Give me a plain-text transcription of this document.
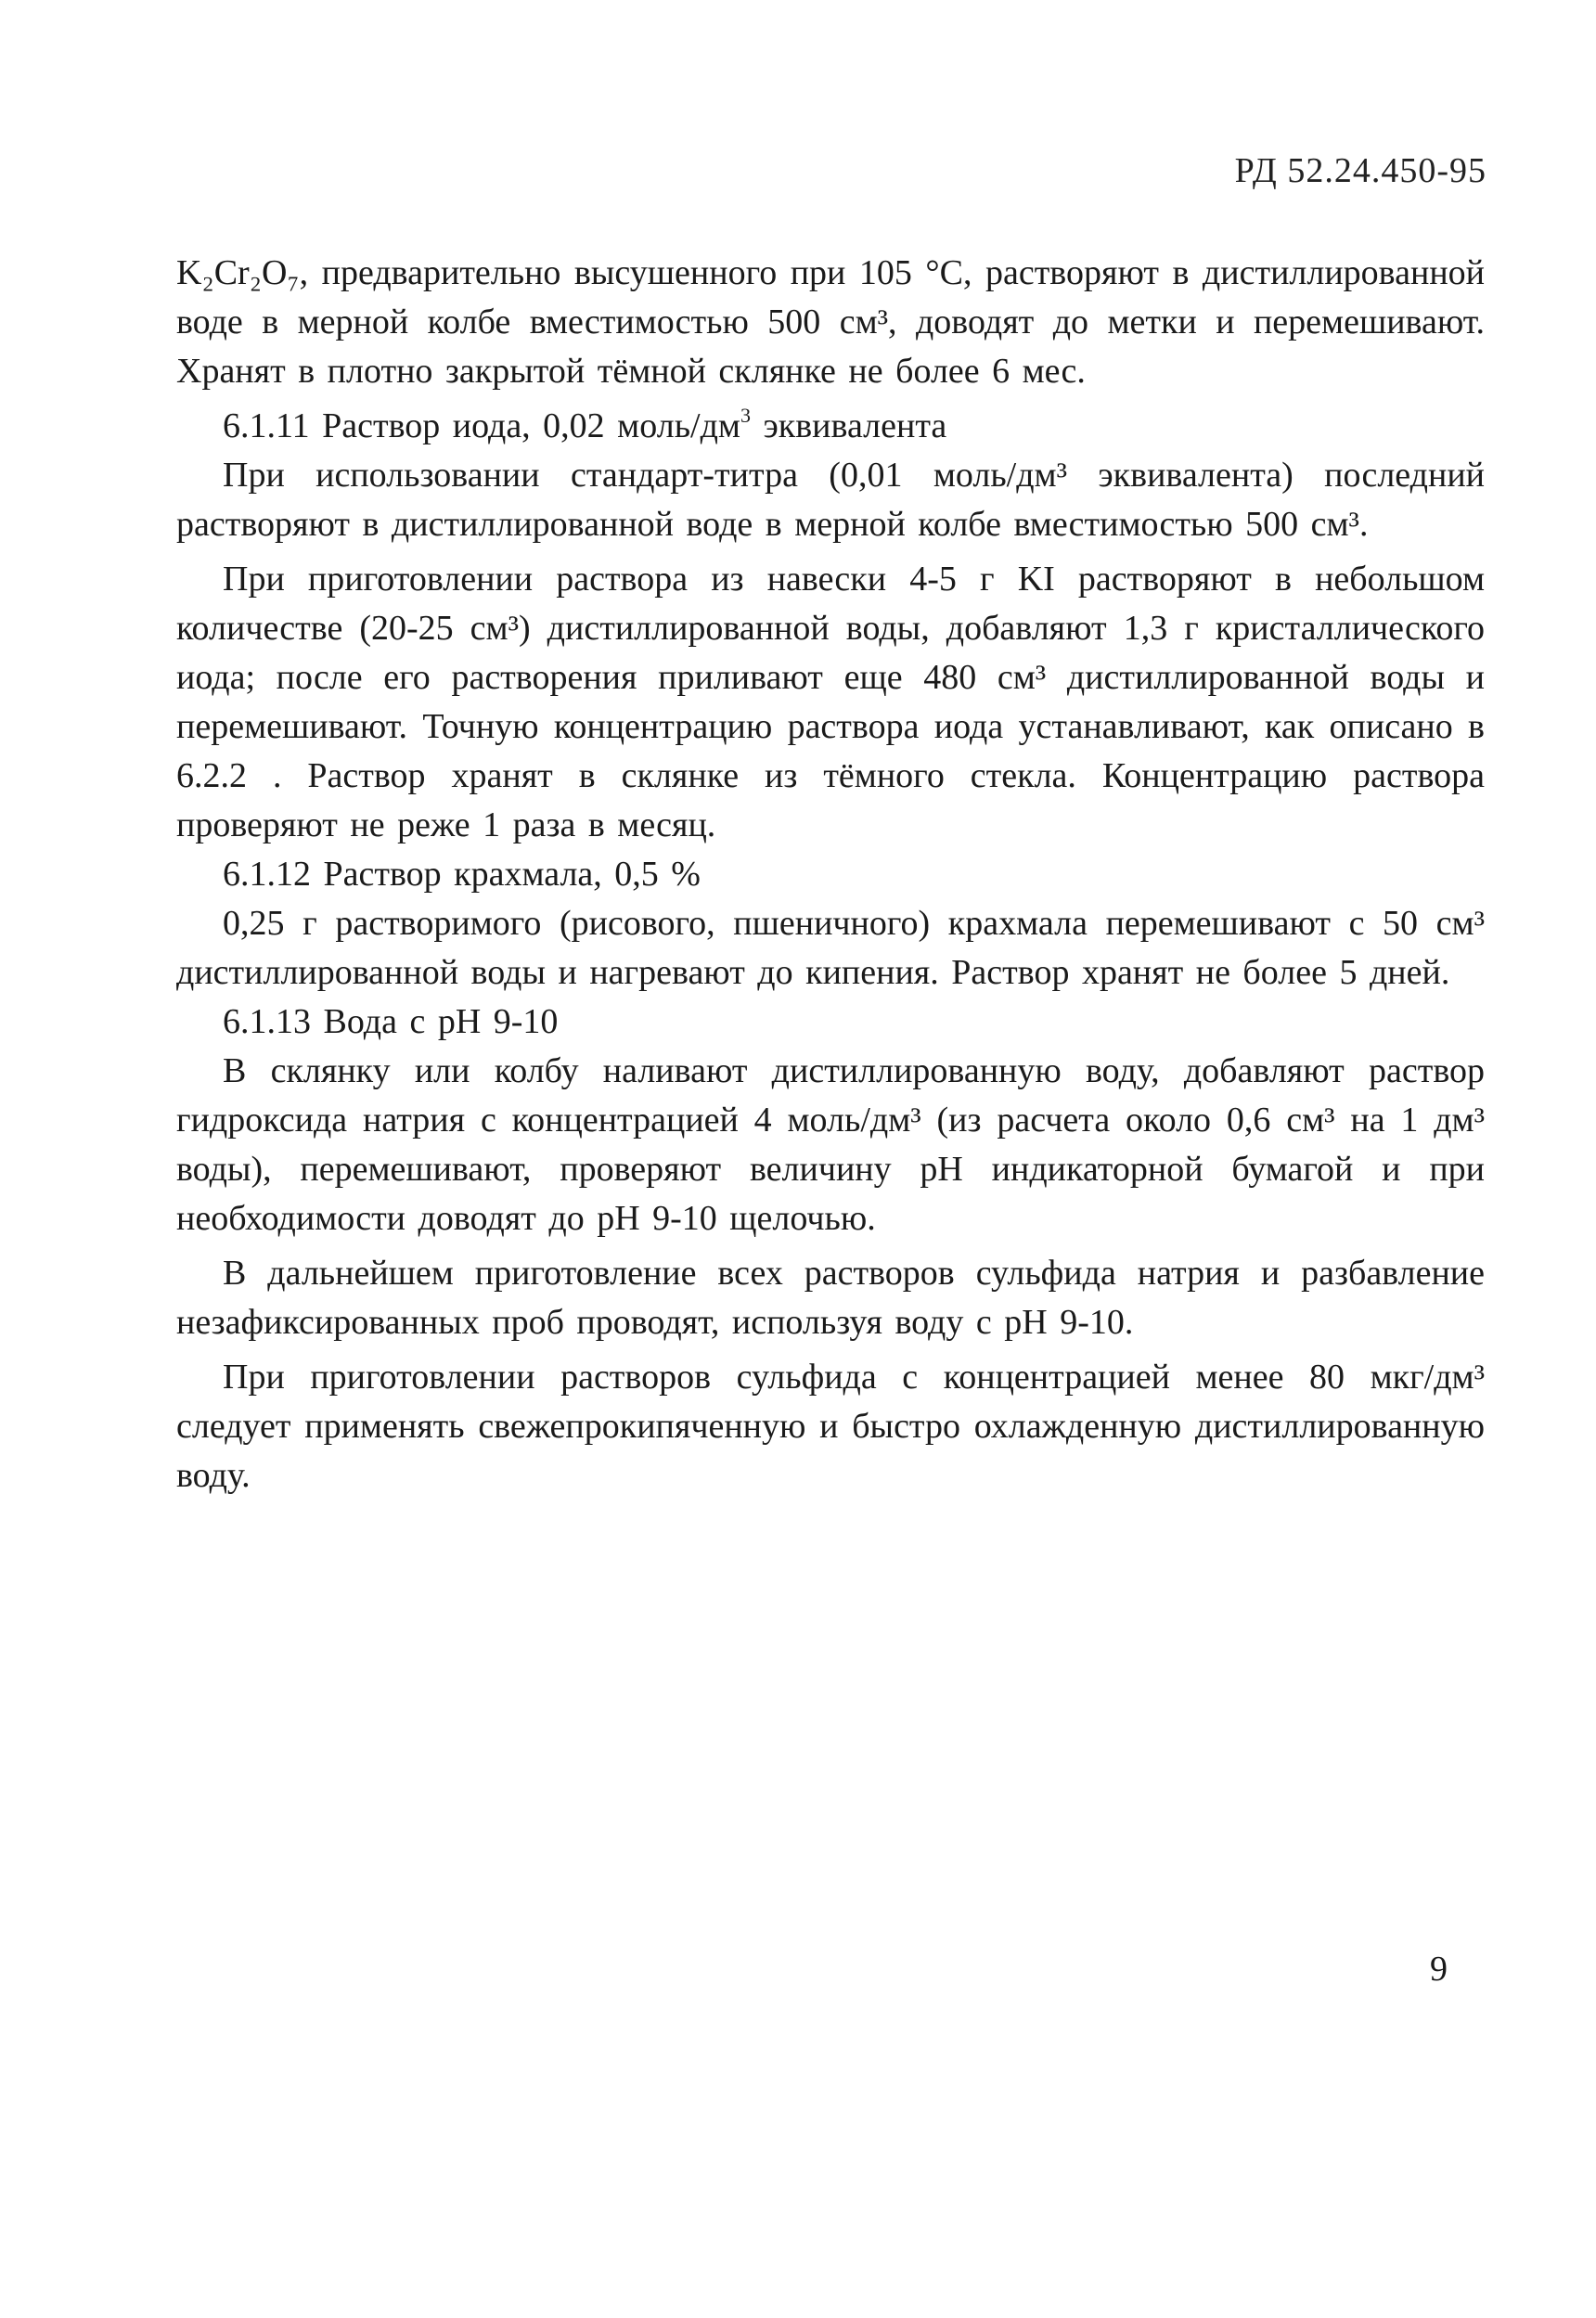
РД 52.24.450-95

K₂Cr₂O₇, предварительно высушенного при 105 °С, растворяют в дистиллированной воде в мерной колбе вместимостью 500 см³, доводят до метки и перемешивают. Хранят в плотно закрытой тёмной склянке не более 6 мес.

6.1.11 Раствор иода, 0,02 моль/$дм^3$ эквивалента

При использовании стандарт-титра (0,01 моль/дм³ эквивалента) последний растворяют в дистиллированной воде в мерной колбе вместимостью 500 см³.

При приготовлении раствора из навески 4-5 г KI растворяют в небольшом количестве (20-25 см³) дистиллированной воды, добавляют 1,3 г кристаллического иода; после его растворения приливают еще 480 см³ дистиллированной воды и перемешивают. Точную концентрацию раствора иода устанавливают, как описано в 6.2.2 . Раствор хранят в склянке из тёмного стекла. Концентрацию раствора проверяют не реже 1 раза в месяц.

6.1.12 Раствор крахмала, 0,5 %

0,25 г растворимого (рисового, пшеничного) крахмала перемешивают с 50 см³ дистиллированной воды и нагревают до кипения. Раствор хранят не более 5 дней.

6.1.13 Вода с pH 9-10

В склянку или колбу наливают дистиллированную воду, добавляют раствор гидроксида натрия с концентрацией 4 моль/дм³ (из расчета около 0,6 см³ на 1 дм³ воды), перемешивают, проверяют величину pH индикаторной бумагой и при необходимости доводят до pH 9-10 щелочью.

В дальнейшем приготовление всех растворов сульфида натрия и разбавление незафиксированных проб проводят, используя воду с pH 9-10.

При приготовлении растворов сульфида с концентрацией менее 80 мкг/дм³ следует применять свежепрокипяченную и быстро охлажденную дистиллированную воду.

9
